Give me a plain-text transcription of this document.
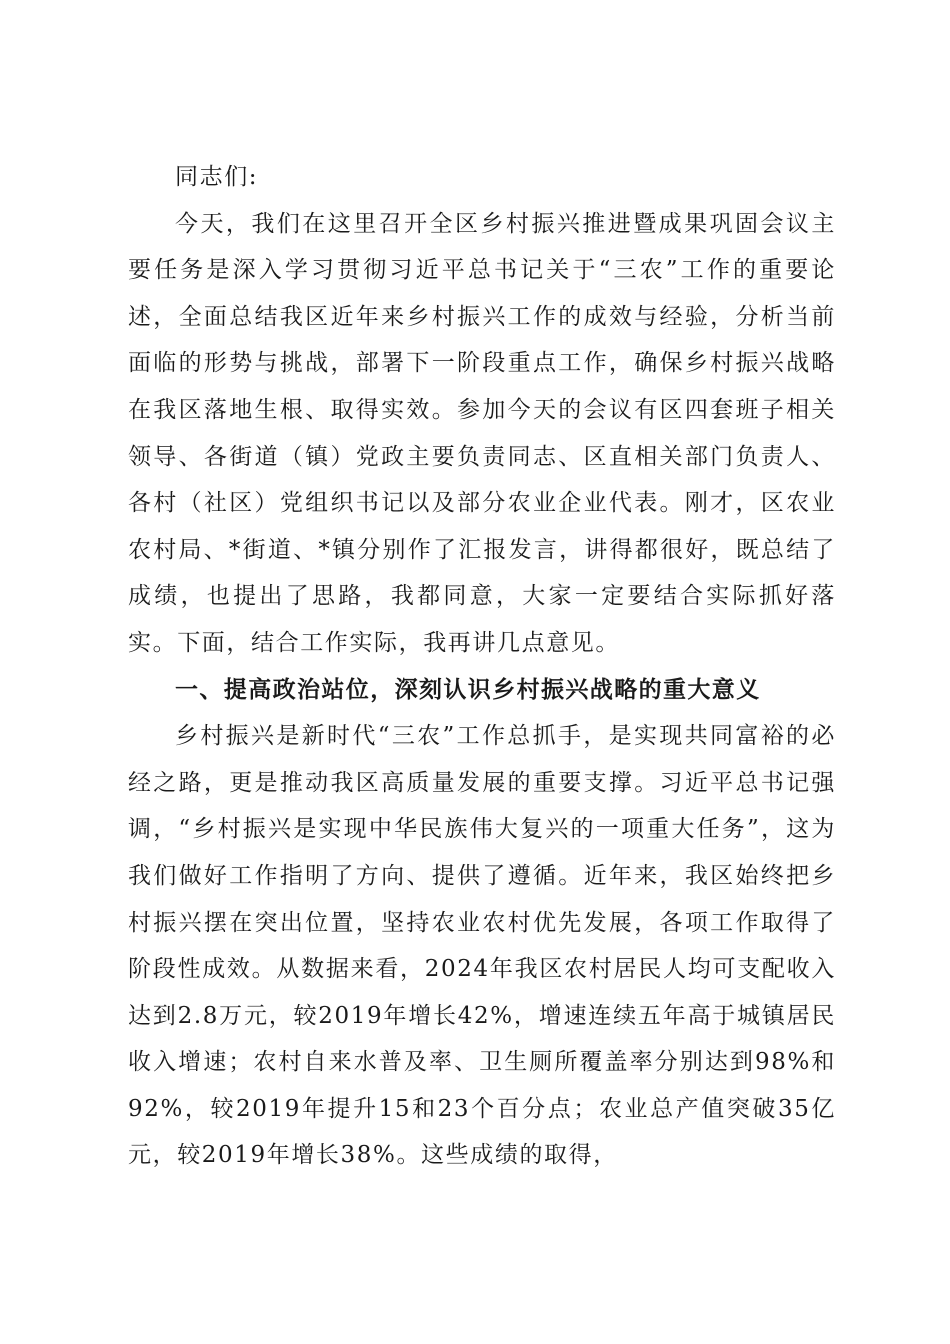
同志们:

今天，我们在这里召开全区乡村振兴推进暨成果巩固会议主要任务是深入学习贯彻习近平总书记关于“三农”工作的重要论述，全面总结我区近年来乡村振兴工作的成效与经验，分析当前面临的形势与挑战，部署下一阶段重点工作，确保乡村振兴战略在我区落地生根、取得实效。参加今天的会议有区四套班子相关领导、各街道（镇）党政主要负责同志、区直相关部门负责人、各村（社区）党组织书记以及部分农业企业代表。刚才，区农业农村局、*街道、*镇分别作了汇报发言，讲得都很好，既总结了成绩，也提出了思路，我都同意，大家一定要结合实际抓好落实。下面，结合工作实际，我再讲几点意见。

一、提高政治站位，深刻认识乡村振兴战略的重大意义

乡村振兴是新时代“三农”工作总抓手，是实现共同富裕的必经之路，更是推动我区高质量发展的重要支撑。习近平总书记强调，“乡村振兴是实现中华民族伟大复兴的一项重大任务”，这为我们做好工作指明了方向、提供了遵循。近年来，我区始终把乡村振兴摆在突出位置，坚持农业农村优先发展，各项工作取得了阶段性成效。从数据来看，2024年我区农村居民人均可支配收入达到2.8万元，较2019年增长42%，增速连续五年高于城镇居民收入增速；农村自来水普及率、卫生厕所覆盖率分别达到98%和92%，较2019年提升15和23个百分点；农业总产值突破35亿元，较2019年增长38%。这些成绩的取得，
